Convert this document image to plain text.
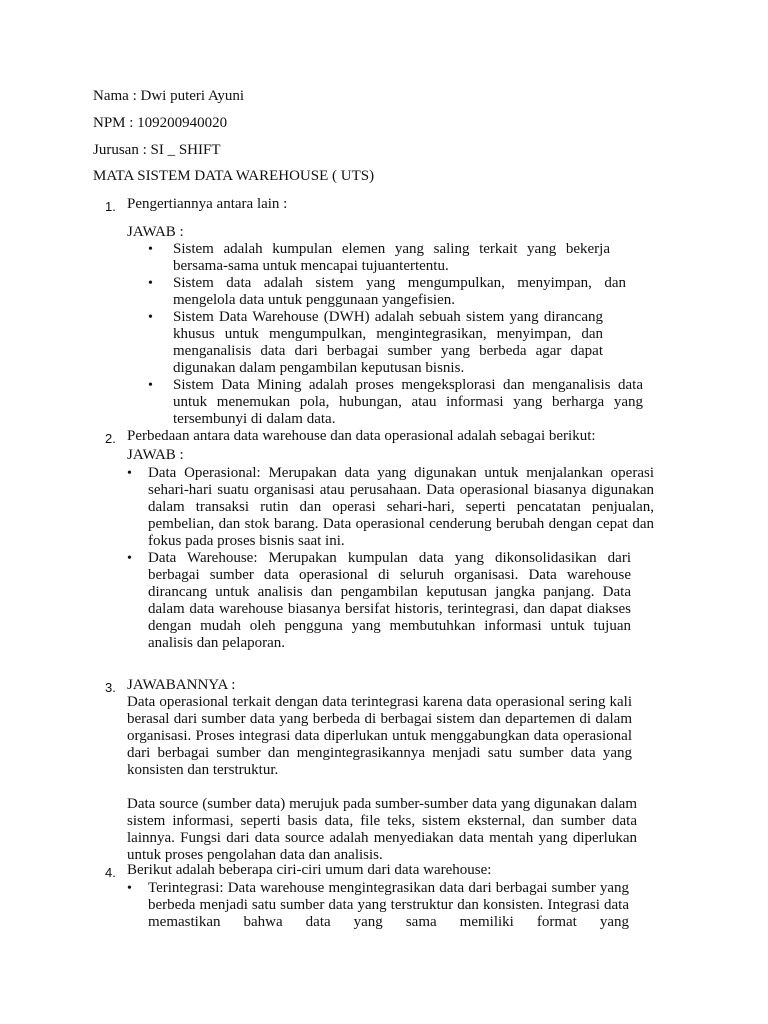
Nama : Dwi puteri Ayuni
NPM : 109200940020
Jurusan : SI _ SHIFT
MATA SISTEM DATA WAREHOUSE ( UTS)
1. Pengertiannya antara lain :
JAWAB :
• Sistem adalah kumpulan elemen yang saling terkait yang bekerja bersama-sama untuk mencapai tujuantertentu.
• Sistem data adalah sistem yang mengumpulkan, menyimpan, dan mengelola data untuk penggunaan yangefisien.
• Sistem Data Warehouse (DWH) adalah sebuah sistem yang dirancang khusus untuk mengumpulkan, mengintegrasikan, menyimpan, dan menganalisis data dari berbagai sumber yang berbeda agar dapat digunakan dalam pengambilan keputusan bisnis.
• Sistem Data Mining adalah proses mengeksplorasi dan menganalisis data untuk menemukan pola, hubungan, atau informasi yang berharga yang tersembunyi di dalam data.
2. Perbedaan antara data warehouse dan data operasional adalah sebagai berikut:
JAWAB :
• Data Operasional: Merupakan data yang digunakan untuk menjalankan operasi sehari-hari suatu organisasi atau perusahaan. Data operasional biasanya digunakan dalam transaksi rutin dan operasi sehari-hari, seperti pencatatan penjualan, pembelian, dan stok barang. Data operasional cenderung berubah dengan cepat dan fokus pada proses bisnis saat ini.
• Data Warehouse: Merupakan kumpulan data yang dikonsolidasikan dari berbagai sumber data operasional di seluruh organisasi. Data warehouse dirancang untuk analisis dan pengambilan keputusan jangka panjang. Data dalam data warehouse biasanya bersifat historis, terintegrasi, dan dapat diakses dengan mudah oleh pengguna yang membutuhkan informasi untuk tujuan analisis dan pelaporan.
3. JAWABANNYA :
Data operasional terkait dengan data terintegrasi karena data operasional sering kali berasal dari sumber data yang berbeda di berbagai sistem dan departemen di dalam organisasi. Proses integrasi data diperlukan untuk menggabungkan data operasional dari berbagai sumber dan mengintegrasikannya menjadi satu sumber data yang konsisten dan terstruktur.
Data source (sumber data) merujuk pada sumber-sumber data yang digunakan dalam sistem informasi, seperti basis data, file teks, sistem eksternal, dan sumber data lainnya. Fungsi dari data source adalah menyediakan data mentah yang diperlukan untuk proses pengolahan data dan analisis.
4. Berikut adalah beberapa ciri-ciri umum dari data warehouse:
• Terintegrasi: Data warehouse mengintegrasikan data dari berbagai sumber yang berbeda menjadi satu sumber data yang terstruktur dan konsisten. Integrasi data memastikan bahwa data yang sama memiliki format yang
